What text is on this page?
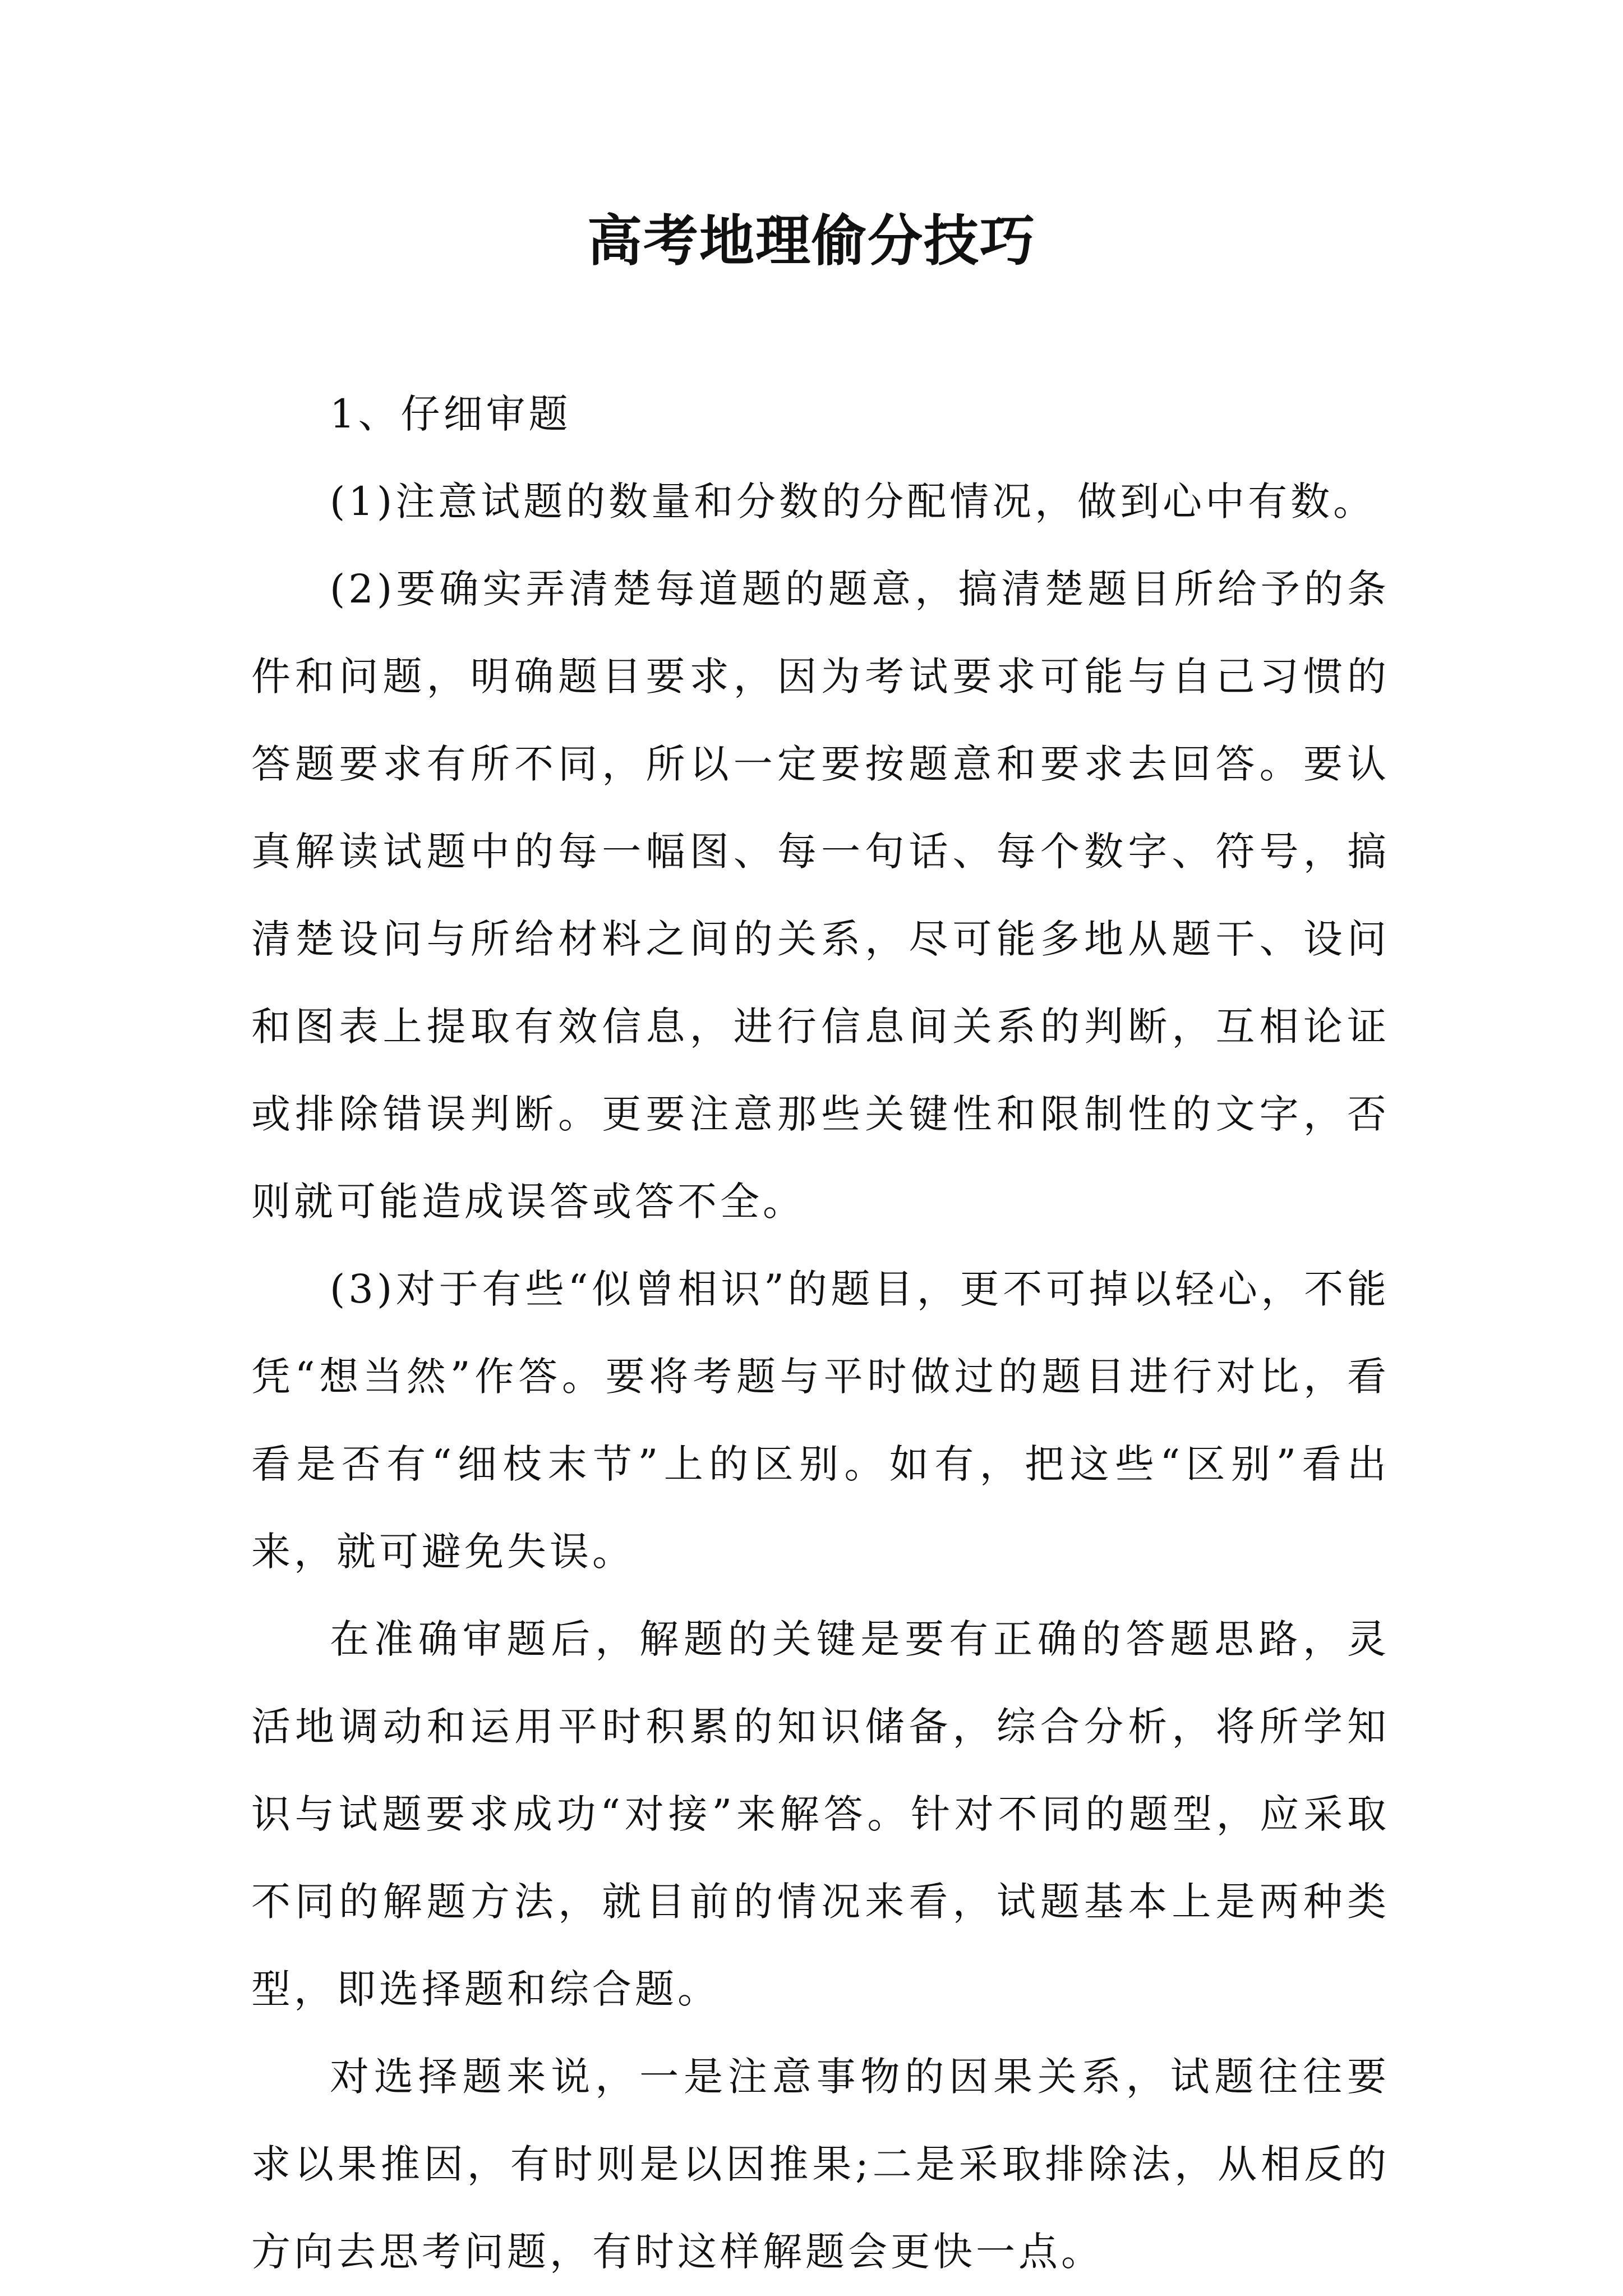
高考地理偷分技巧

1、仔细审题

(1)注意试题的数量和分数的分配情况，做到心中有数。

(2)要确实弄清楚每道题的题意，搞清楚题目所给予的条件和问题，明确题目要求，因为考试要求可能与自己习惯的答题要求有所不同，所以一定要按题意和要求去回答。要认真解读试题中的每一幅图、每一句话、每个数字、符号，搞清楚设问与所给材料之间的关系，尽可能多地从题干、设问和图表上提取有效信息，进行信息间关系的判断，互相论证或排除错误判断。更要注意那些关键性和限制性的文字，否则就可能造成误答或答不全。

(3)对于有些“似曾相识”的题目，更不可掉以轻心，不能凭“想当然”作答。要将考题与平时做过的题目进行对比，看看是否有“细枝末节”上的区别。如有，把这些“区别”看出来，就可避免失误。

在准确审题后，解题的关键是要有正确的答题思路，灵活地调动和运用平时积累的知识储备，综合分析，将所学知识与试题要求成功“对接”来解答。针对不同的题型，应采取不同的解题方法，就目前的情况来看，试题基本上是两种类型，即选择题和综合题。

对选择题来说，一是注意事物的因果关系，试题往往要求以果推因，有时则是以因推果;二是采取排除法，从相反的方向去思考问题，有时这样解题会更快一点。
